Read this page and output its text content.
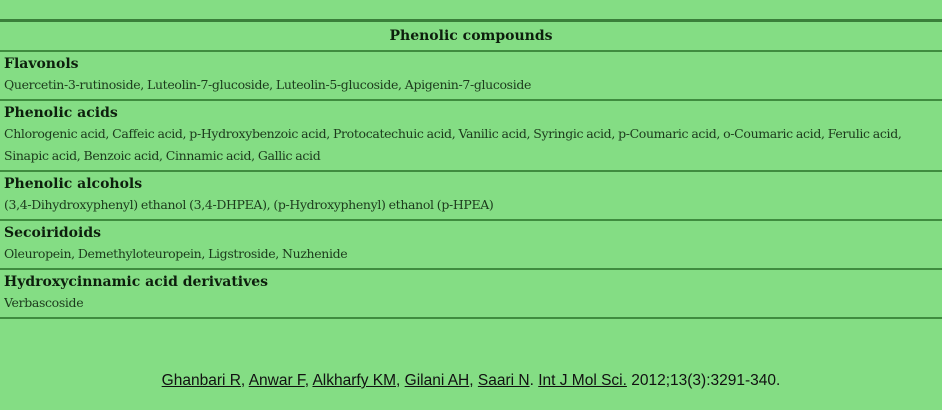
Phenolic compounds
Flavonols
Quercetin-3-rutinoside, Luteolin-7-glucoside, Luteolin-5-glucoside, Apigenin-7-glucoside
Phenolic acids
Chlorogenic acid, Caffeic acid, p-Hydroxybenzoic acid, Protocatechuic acid, Vanilic acid, Syringic acid, p-Coumaric acid, o-Coumaric acid, Ferulic acid, Sinapic acid, Benzoic acid, Cinnamic acid, Gallic acid
Phenolic alcohols
(3,4-Dihydroxyphenyl) ethanol (3,4-DHPEA), (p-Hydroxyphenyl) ethanol (p-HPEA)
Secoiridoids
Oleuropein, Demethyloteuropein, Ligstroside, Nuzhenide
Hydroxycinnamic acid derivatives
Verbascoside
Ghanbari R, Anwar F, Alkharfy KM, Gilani AH, Saari N. Int J Mol Sci. 2012;13(3):3291-340.
